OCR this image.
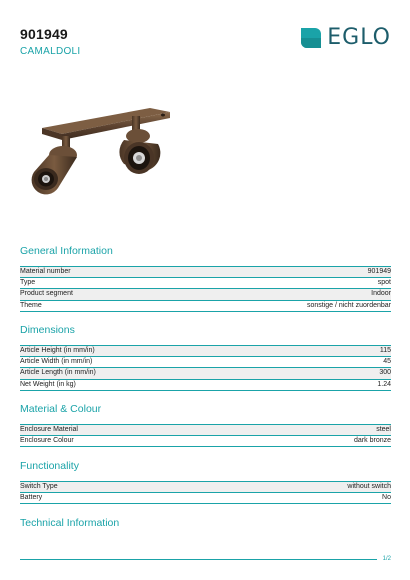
901949
CAMALDOLI
EGLO
General Information
Material number	901949
Type	spot
Product segment	Indoor
Theme	sonstige / nicht zuordenbar
Dimensions
Article Height (in mm/in)	115
Article Width (in mm/in)	45
Article Length (in mm/in)	300
Net Weight (in kg)	1.24
Material & Colour
Enclosure Material	steel
Enclosure Colour	dark bronze
Functionality
Switch Type	without switch
Battery	No
Technical Information
1/2
